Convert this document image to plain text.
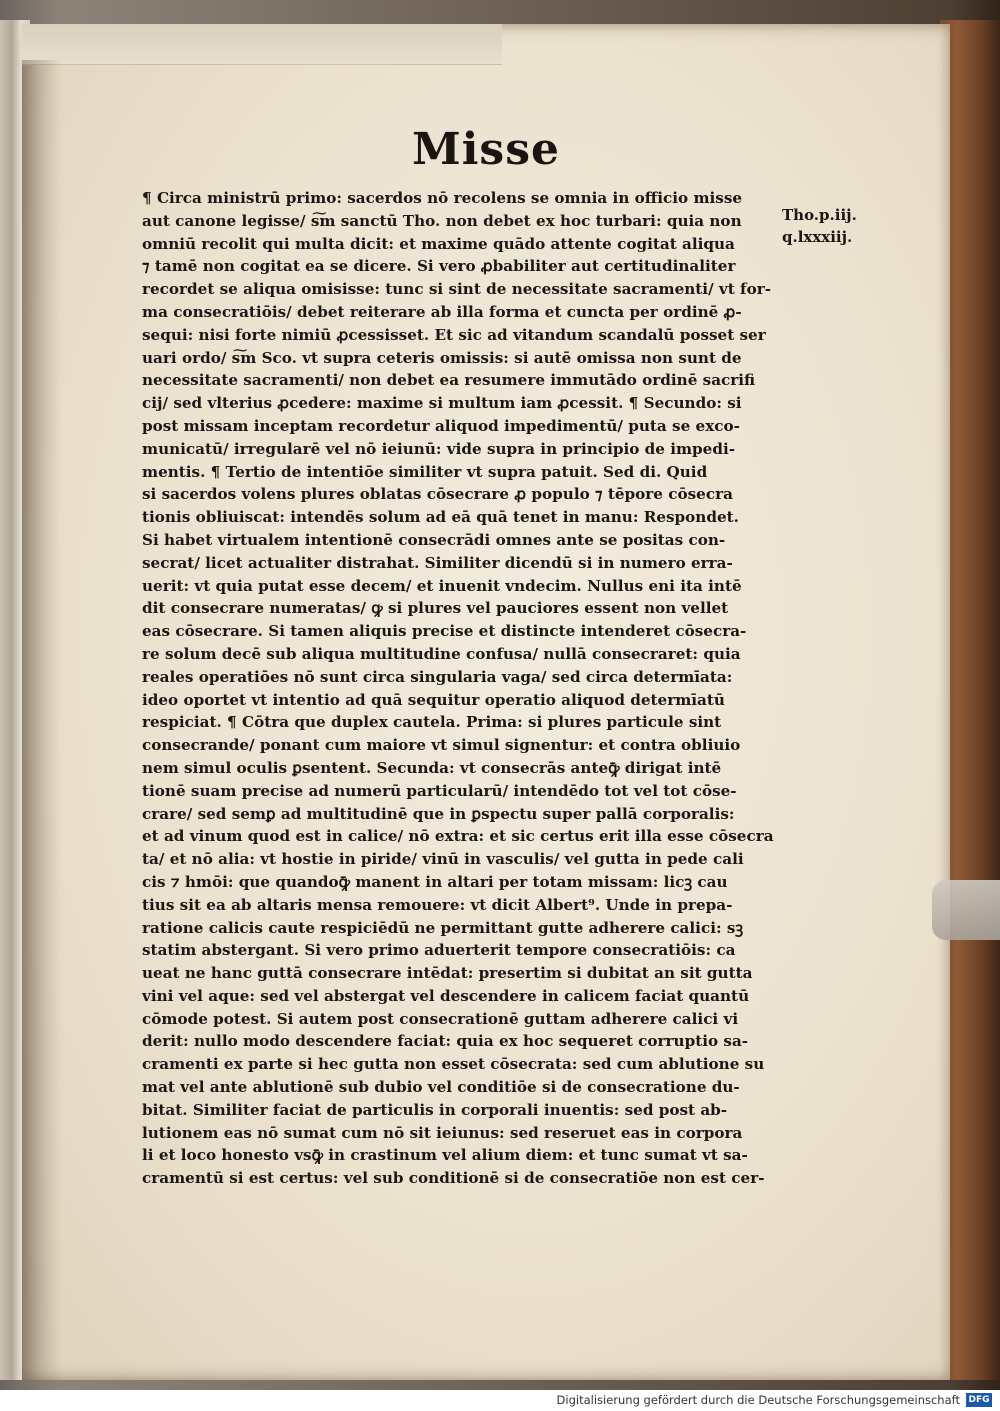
Misse
¶ Circa ministrū primo: sacerdos nō recolens se omnia in officio misse
aut canone legisse/ s͠m sanctū Tho. non debet ex hoc turbari: quia non
omniū recolit qui multa dicit: et maxime quādo attente cogitat aliqua
⁊ tamē non cogitat ea se dicere. Si vero ꝓbabiliter aut certitudinaliter
recordet se aliqua omisisse: tunc si sint de necessitate sacramenti/ vt for-
ma consecratiōis/ debet reiterare ab illa forma et cuncta per ordinē ꝓ-
sequi: nisi forte nimiū ꝓcessisset. Et sic ad vitandum scandalū posset ser
uari ordo/ s͠m Sco. vt supra ceteris omissis: si autē omissa non sunt de
necessitate sacramenti/ non debet ea resumere immutādo ordinē sacrifi
cij/ sed vlterius ꝓcedere: maxime si multum iam ꝓcessit. ¶ Secundo: si
post missam inceptam recordetur aliquod impedimentū/ puta se exco-
municatū/ irregularē vel nō ieiunū: vide supra in principio de impedi-
mentis. ¶ Tertio de intentiōe similiter vt supra patuit. Sed di. Quid
si sacerdos volens plures oblatas cōsecrare ꝓ populo ⁊ tēpore cōsecra
tionis obliuiscat: intendēs solum ad eā quā tenet in manu: Respondet.
Si habet virtualem intentionē consecrādi omnes ante se positas con-
secrat/ licet actualiter distrahat. Similiter dicendū si in numero erra-
uerit: vt quia putat esse decem/ et inuenit vndecim. Nullus eni ita intē
dit consecrare numeratas/ ꝙ si plures vel pauciores essent non vellet
eas cōsecrare. Si tamen aliquis precise et distincte intenderet cōsecra-
re solum decē sub aliqua multitudine confusa/ nullā consecraret: quia
reales operatiōes nō sunt circa singularia vaga/ sed circa determīata:
ideo oportet vt intentio ad quā sequitur operatio aliquod determīatū
respiciat. ¶ Cōtra que duplex cautela. Prima: si plures particule sint
consecrande/ ponant cum maiore vt simul signentur: et contra obliuio
nem simul oculis ꝑsentent. Secunda: vt consecrās anteꝙ̄ dirigat intē
tionē suam precise ad numerū particularū/ intendēdo tot vel tot cōse-
crare/ sed semꝑ ad multitudinē que in ꝑspectu super pallā corporalis:
et ad vinum quod est in calice/ nō extra: et sic certus erit illa esse cōsecra
ta/ et nō alia: vt hostie in piride/ vinū in vasculis/ vel gutta in pede cali
cis ⁊ hmōi: que quandoꝙ̄ manent in altari per totam missam: licꝫ cau
tius sit ea ab altaris mensa remouere: vt dicit Albert⁹. Unde in prepa-
ratione calicis caute respiciēdū ne permittant gutte adherere calici: sꝫ
statim abstergant. Si vero primo aduerterit tempore consecratiōis: ca
ueat ne hanc guttā consecrare intēdat: presertim si dubitat an sit gutta
vini vel aque: sed vel abstergat vel descendere in calicem faciat quantū
cōmode potest. Si autem post consecrationē guttam adherere calici vi
derit: nullo modo descendere faciat: quia ex hoc sequeret corruptio sa-
cramenti ex parte si hec gutta non esset cōsecrata: sed cum ablutione su
mat vel ante ablutionē sub dubio vel conditiōe si de consecratione du-
bitat. Similiter faciat de particulis in corporali inuentis: sed post ab-
lutionem eas nō sumat cum nō sit ieiunus: sed reseruet eas in corpora
li et loco honesto vsꝙ̄ in crastinum vel alium diem: et tunc sumat vt sa-
cramentū si est certus: vel sub conditionē si de consecratiōe non est cer-
Tho.p.iij.
q.lxxxiij.
Digitalisierung gefördert durch die Deutsche Forschungsgemeinschaft DFG
